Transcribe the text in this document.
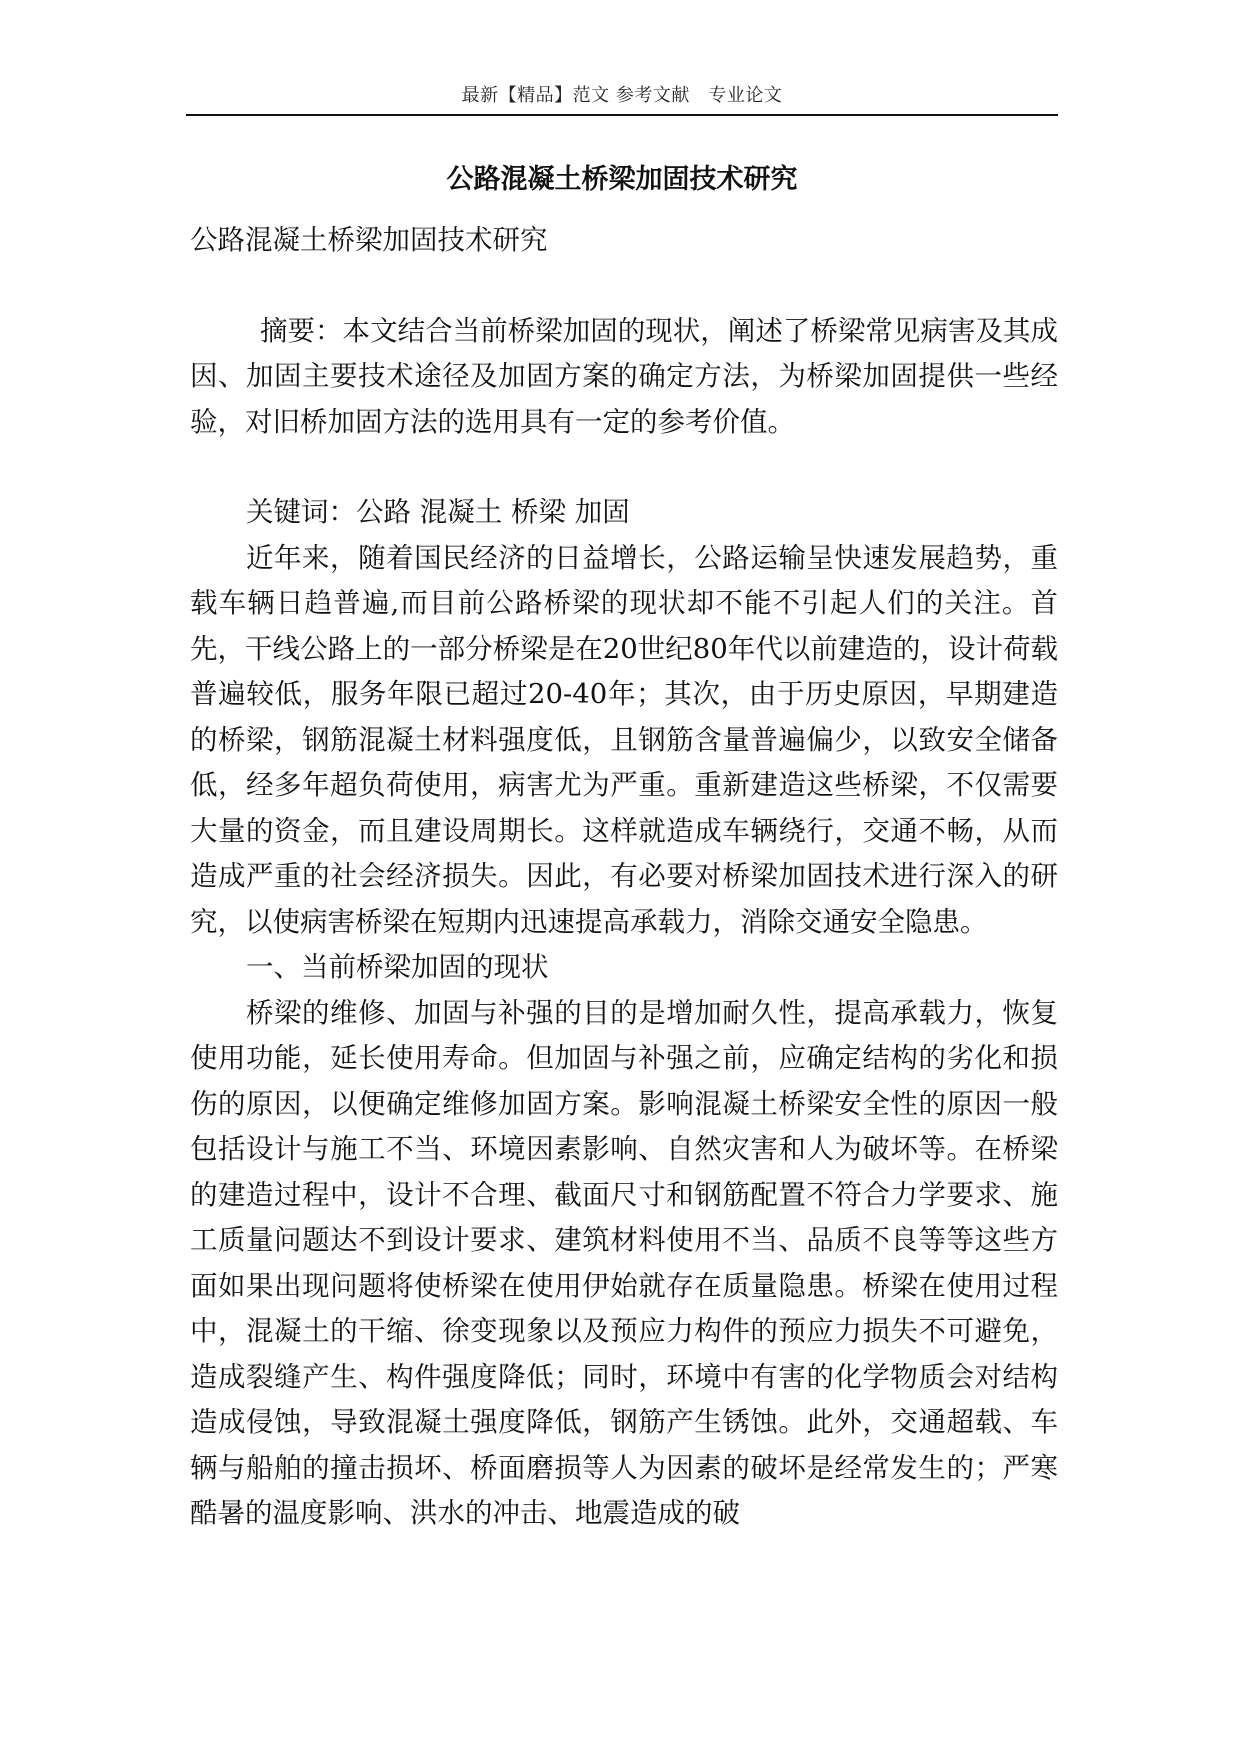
最新【精品】范文 参考文献　专业论文
公路混凝土桥梁加固技术研究

公路混凝土桥梁加固技术研究

摘要：本文结合当前桥梁加固的现状，阐述了桥梁常见病害及其成因、加固主要技术途径及加固方案的确定方法，为桥梁加固提供一些经验，对旧桥加固方法的选用具有一定的参考价值。

关键词：公路 混凝土 桥梁 加固

近年来，随着国民经济的日益增长，公路运输呈快速发展趋势，重载车辆日趋普遍,而目前公路桥梁的现状却不能不引起人们的关注。首先，干线公路上的一部分桥梁是在20世纪80年代以前建造的，设计荷载普遍较低，服务年限已超过20-40年；其次，由于历史原因，早期建造的桥梁，钢筋混凝土材料强度低，且钢筋含量普遍偏少，以致安全储备低，经多年超负荷使用，病害尤为严重。重新建造这些桥梁，不仅需要大量的资金，而且建设周期长。这样就造成车辆绕行，交通不畅，从而造成严重的社会经济损失。因此，有必要对桥梁加固技术进行深入的研究，以使病害桥梁在短期内迅速提高承载力，消除交通安全隐患。

一、当前桥梁加固的现状

桥梁的维修、加固与补强的目的是增加耐久性，提高承载力，恢复使用功能，延长使用寿命。但加固与补强之前，应确定结构的劣化和损伤的原因，以便确定维修加固方案。影响混凝土桥梁安全性的原因一般包括设计与施工不当、环境因素影响、自然灾害和人为破坏等。在桥梁的建造过程中，设计不合理、截面尺寸和钢筋配置不符合力学要求、施工质量问题达不到设计要求、建筑材料使用不当、品质不良等等这些方面如果出现问题将使桥梁在使用伊始就存在质量隐患。桥梁在使用过程中，混凝土的干缩、徐变现象以及预应力构件的预应力损失不可避免，造成裂缝产生、构件强度降低；同时，环境中有害的化学物质会对结构造成侵蚀，导致混凝土强度降低，钢筋产生锈蚀。此外，交通超载、车辆与船舶的撞击损坏、桥面磨损等人为因素的破坏是经常发生的；严寒酷暑的温度影响、洪水的冲击、地震造成的破
